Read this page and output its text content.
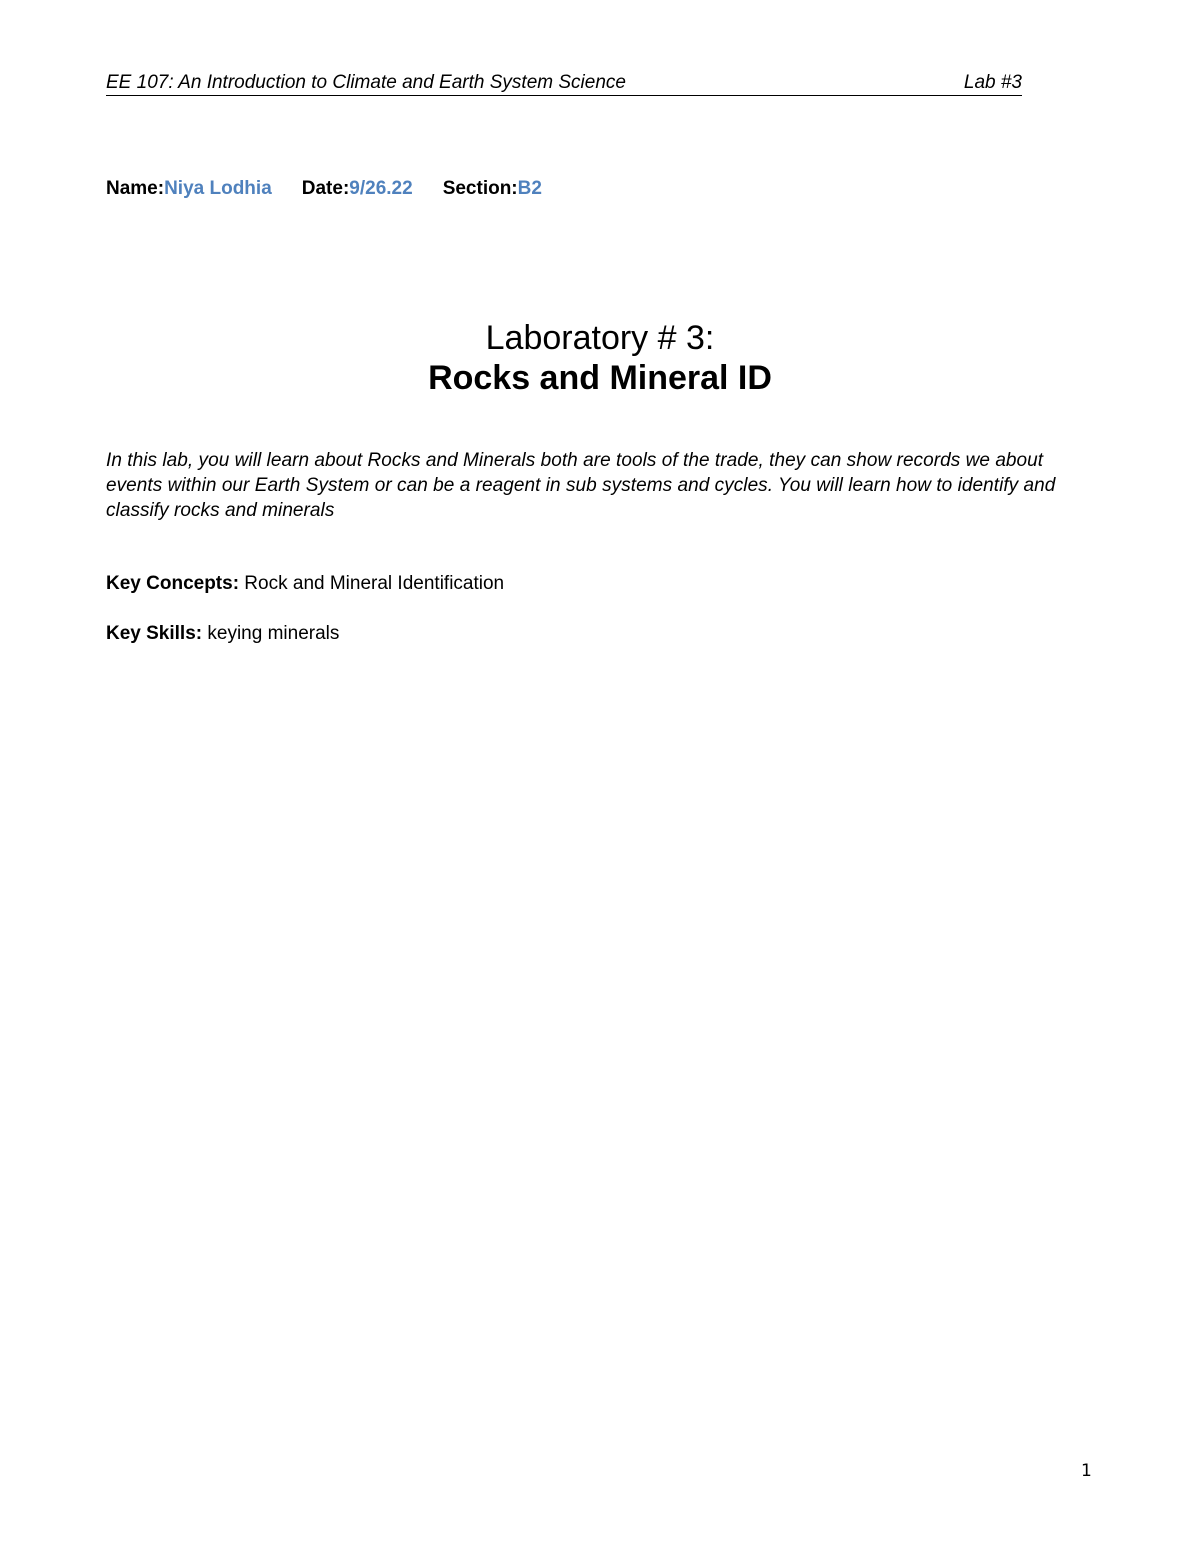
EE 107: An Introduction to Climate and Earth System Science	Lab #3
Name:Niya Lodhia Date:9/26.22 Section:B2
Laboratory # 3:
Rocks and Mineral ID
In this lab, you will learn about Rocks and Minerals both are tools of the trade, they can show records we about events within our Earth System or can be a reagent in sub systems and cycles. You will learn how to identify and classify rocks and minerals
Key Concepts: Rock and Mineral Identification
Key Skills: keying minerals
1
